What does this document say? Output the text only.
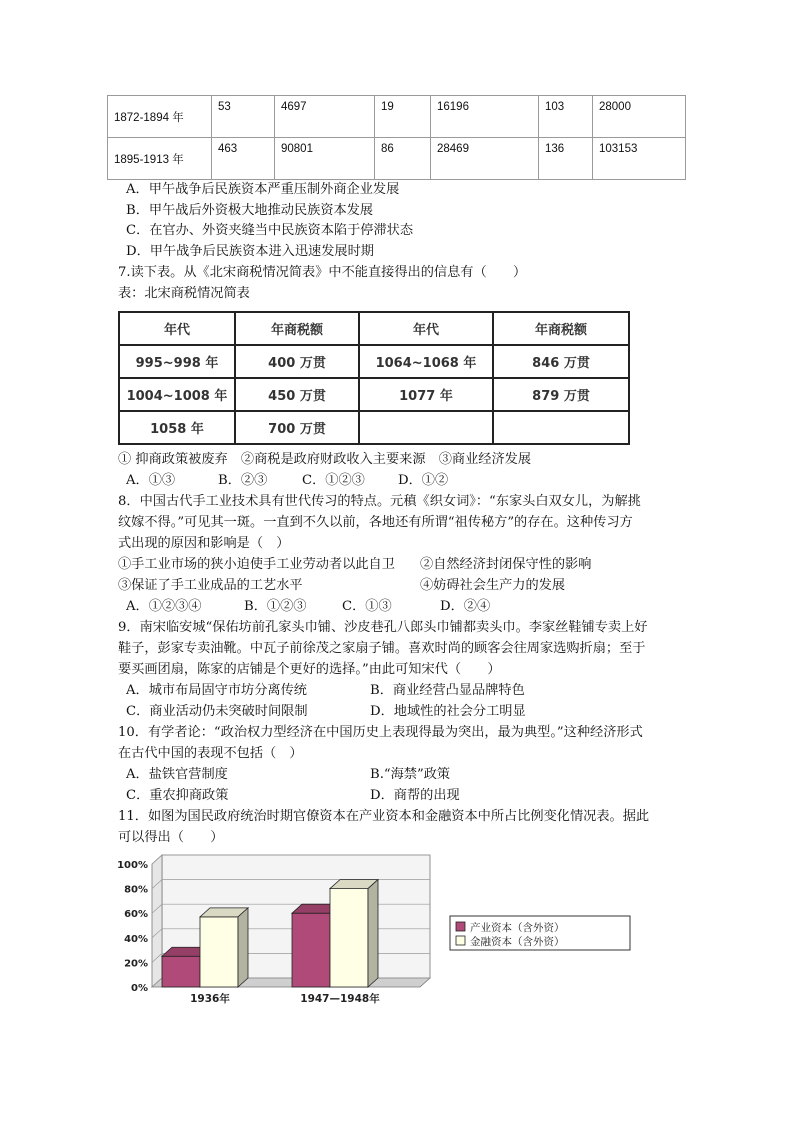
1872-1894 年	53	4697	19	16196	103	28000
1895-1913 年	463	90801	86	28469	136	103153
A．甲午战争后民族资本严重压制外商企业发展
B．甲午战后外资极大地推动民族资本发展
C．在官办、外资夹缝当中民族资本陷于停滞状态
D．甲午战争后民族资本进入迅速发展时期
7.读下表。从《北宋商税情况简表》中不能直接得出的信息有（　　）
表：北宋商税情况简表
年代	年商税额	年代	年商税额
995~998 年	400 万贯	1064~1068 年	846 万贯
1004~1008 年	450 万贯	1077 年	879 万贯
1058 年	700 万贯		
① 抑商政策被废弃　②商税是政府财政收入主要来源　③商业经济发展
A．①③	B．②③	C．①②③	D．①②
8．中国古代手工业技术具有世代传习的特点。元稹《织女词》：“东家头白双女儿，为解挑
纹嫁不得。”可见其一斑。一直到不久以前，各地还有所谓“祖传秘方”的存在。这种传习方
式出现的原因和影响是（　）
①手工业市场的狭小迫使手工业劳动者以此自卫 ②自然经济封闭保守性的影响
③保证了手工业成品的工艺水平	④妨碍社会生产力的发展
A．①②③④	B．①②③	C．①③	D．②④
9．南宋临安城“保佑坊前孔家头巾铺、沙皮巷孔八郎头巾铺都卖头巾。李家丝鞋铺专卖上好
鞋子，彭家专卖油靴。中瓦子前徐茂之家扇子铺。喜欢时尚的顾客会往周家选购折扇；至于
要买画团扇，陈家的店铺是个更好的选择。”由此可知宋代（　　）
A．城市布局固守市坊分离传统	B．商业经营凸显品牌特色
C．商业活动仍未突破时间限制	D．地域性的社会分工明显
10．有学者论：“政治权力型经济在中国历史上表现得最为突出，最为典型。”这种经济形式
在古代中国的表现不包括（　）
A．盐铁官营制度	B.“海禁”政策
C．重农抑商政策	D．商帮的出现
11．如图为国民政府统治时期官僚资本在产业资本和金融资本中所占比例变化情况表。据此
可以得出（　　）
0%
20%
40%
60%
80%
100%
1936年	1947—1948年
产业资本（含外资）
金融资本（含外资）
